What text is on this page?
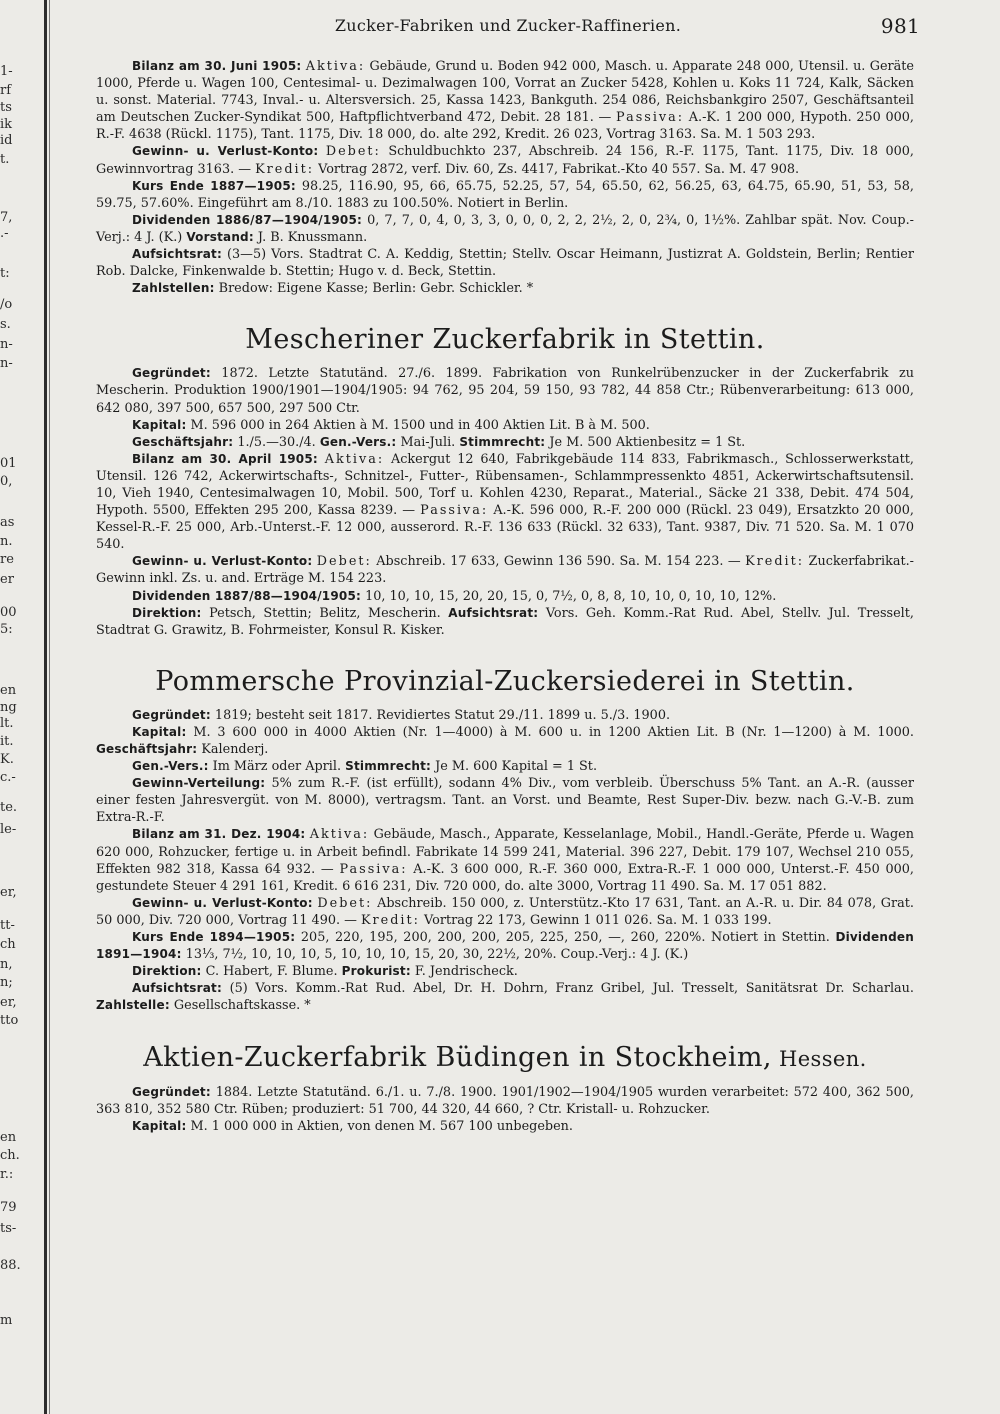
1-
rf
ts
ik
id
t.
7,
.-
t:
/o
s.
n-
n-
01
0,
as
n.
re
er
00
5:
en
ng
lt.
it.
K.
c.-
te.
le-
er,
tt-
ch
n,
n;
er,
tto
en
ch.
r.:
79
ts-
88.
m
Zucker-Fabriken und Zucker-Raffinerien.	981

Bilanz am 30. Juni 1905: Aktiva: Gebäude, Grund u. Boden 942 000, Masch. u. Apparate 248 000, Utensil. u. Geräte 1000, Pferde u. Wagen 100, Centesimal- u. Dezimalwagen 100, Vorrat an Zucker 5428, Kohlen u. Koks 11 724, Kalk, Säcken u. sonst. Material. 7743, Inval.- u. Altersversich. 25, Kassa 1423, Bankguth. 254 086, Reichsbankgiro 2507, Geschäftsanteil am Deutschen Zucker-Syndikat 500, Haftpflichtverband 472, Debit. 28 181. — Passiva: A.-K. 1 200 000, Hypoth. 250 000, R.-F. 4638 (Rückl. 1175), Tant. 1175, Div. 18 000, do. alte 292, Kredit. 26 023, Vortrag 3163. Sa. M. 1 503 293.

Gewinn- u. Verlust-Konto: Debet: Schuldbuchkto 237, Abschreib. 24 156, R.-F. 1175, Tant. 1175, Div. 18 000, Gewinnvortrag 3163. — Kredit: Vortrag 2872, verf. Div. 60, Zs. 4417, Fabrikat.-Kto 40 557. Sa. M. 47 908.

Kurs Ende 1887—1905: 98.25, 116.90, 95, 66, 65.75, 52.25, 57, 54, 65.50, 62, 56.25, 63, 64.75, 65.90, 51, 53, 58, 59.75, 57.60%. Eingeführt am 8./10. 1883 zu 100.50%. Notiert in Berlin.

Dividenden 1886/87—1904/1905: 0, 7, 7, 0, 4, 0, 3, 3, 0, 0, 0, 2, 2, 2½, 2, 0, 2¾, 0, 1½%. Zahlbar spät. Nov. Coup.-Verj.: 4 J. (K.) Vorstand: J. B. Knussmann.

Aufsichtsrat: (3—5) Vors. Stadtrat C. A. Keddig, Stettin; Stellv. Oscar Heimann, Justizrat A. Goldstein, Berlin; Rentier Rob. Dalcke, Finkenwalde b. Stettin; Hugo v. d. Beck, Stettin.

Zahlstellen: Bredow: Eigene Kasse; Berlin: Gebr. Schickler. *

Mescheriner Zuckerfabrik in Stettin.

Gegründet: 1872. Letzte Statutänd. 27./6. 1899. Fabrikation von Runkelrübenzucker in der Zuckerfabrik zu Mescherin. Produktion 1900/1901—1904/1905: 94 762, 95 204, 59 150, 93 782, 44 858 Ctr.; Rübenverarbeitung: 613 000, 642 080, 397 500, 657 500, 297 500 Ctr.

Kapital: M. 596 000 in 264 Aktien à M. 1500 und in 400 Aktien Lit. B à M. 500.

Geschäftsjahr: 1./5.—30./4. Gen.-Vers.: Mai-Juli. Stimmrecht: Je M. 500 Aktienbesitz = 1 St.

Bilanz am 30. April 1905: Aktiva: Ackergut 12 640, Fabrikgebäude 114 833, Fabrikmasch., Schlosserwerkstatt, Utensil. 126 742, Ackerwirtschafts-, Schnitzel-, Futter-, Rübensamen-, Schlammpressenkto 4851, Ackerwirtschaftsutensil. 10, Vieh 1940, Centesimalwagen 10, Mobil. 500, Torf u. Kohlen 4230, Reparat., Material., Säcke 21 338, Debit. 474 504, Hypoth. 5500, Effekten 295 200, Kassa 8239. — Passiva: A.-K. 596 000, R.-F. 200 000 (Rückl. 23 049), Ersatzkto 20 000, Kessel-R.-F. 25 000, Arb.-Unterst.-F. 12 000, ausserord. R.-F. 136 633 (Rückl. 32 633), Tant. 9387, Div. 71 520. Sa. M. 1 070 540.

Gewinn- u. Verlust-Konto: Debet: Abschreib. 17 633, Gewinn 136 590. Sa. M. 154 223. — Kredit: Zuckerfabrikat.-Gewinn inkl. Zs. u. and. Erträge M. 154 223.

Dividenden 1887/88—1904/1905: 10, 10, 10, 15, 20, 20, 15, 0, 7½, 0, 8, 8, 10, 10, 0, 10, 10, 12%.

Direktion: Petsch, Stettin; Belitz, Mescherin. Aufsichtsrat: Vors. Geh. Komm.-Rat Rud. Abel, Stellv. Jul. Tresselt, Stadtrat G. Grawitz, B. Fohrmeister, Konsul R. Kisker.

Pommersche Provinzial-Zuckersiederei in Stettin.

Gegründet: 1819; besteht seit 1817. Revidiertes Statut 29./11. 1899 u. 5./3. 1900.

Kapital: M. 3 600 000 in 4000 Aktien (Nr. 1—4000) à M. 600 u. in 1200 Aktien Lit. B (Nr. 1—1200) à M. 1000. Geschäftsjahr: Kalenderj.

Gen.-Vers.: Im März oder April. Stimmrecht: Je M. 600 Kapital = 1 St.

Gewinn-Verteilung: 5% zum R.-F. (ist erfüllt), sodann 4% Div., vom verbleib. Überschuss 5% Tant. an A.-R. (ausser einer festen Jahresvergüt. von M. 8000), vertragsm. Tant. an Vorst. und Beamte, Rest Super-Div. bezw. nach G.-V.-B. zum Extra-R.-F.

Bilanz am 31. Dez. 1904: Aktiva: Gebäude, Masch., Apparate, Kesselanlage, Mobil., Handl.-Geräte, Pferde u. Wagen 620 000, Rohzucker, fertige u. in Arbeit befindl. Fabrikate 14 599 241, Material. 396 227, Debit. 179 107, Wechsel 210 055, Effekten 982 318, Kassa 64 932. — Passiva: A.-K. 3 600 000, R.-F. 360 000, Extra-R.-F. 1 000 000, Unterst.-F. 450 000, gestundete Steuer 4 291 161, Kredit. 6 616 231, Div. 720 000, do. alte 3000, Vortrag 11 490. Sa. M. 17 051 882.

Gewinn- u. Verlust-Konto: Debet: Abschreib. 150 000, z. Unterstütz.-Kto 17 631, Tant. an A.-R. u. Dir. 84 078, Grat. 50 000, Div. 720 000, Vortrag 11 490. — Kredit: Vortrag 22 173, Gewinn 1 011 026. Sa. M. 1 033 199.

Kurs Ende 1894—1905: 205, 220, 195, 200, 200, 200, 205, 225, 250, —, 260, 220%. Notiert in Stettin. Dividenden 1891—1904: 13⅓, 7½, 10, 10, 10, 5, 10, 10, 10, 15, 20, 30, 22½, 20%. Coup.-Verj.: 4 J. (K.)

Direktion: C. Habert, F. Blume. Prokurist: F. Jendrischeck.

Aufsichtsrat: (5) Vors. Komm.-Rat Rud. Abel, Dr. H. Dohrn, Franz Gribel, Jul. Tresselt, Sanitätsrat Dr. Scharlau. Zahlstelle: Gesellschaftskasse. *

Aktien-Zuckerfabrik Büdingen in Stockheim, Hessen.

Gegründet: 1884. Letzte Statutänd. 6./1. u. 7./8. 1900. 1901/1902—1904/1905 wurden verarbeitet: 572 400, 362 500, 363 810, 352 580 Ctr. Rüben; produziert: 51 700, 44 320, 44 660, ? Ctr. Kristall- u. Rohzucker.

Kapital: M. 1 000 000 in Aktien, von denen M. 567 100 unbegeben.
